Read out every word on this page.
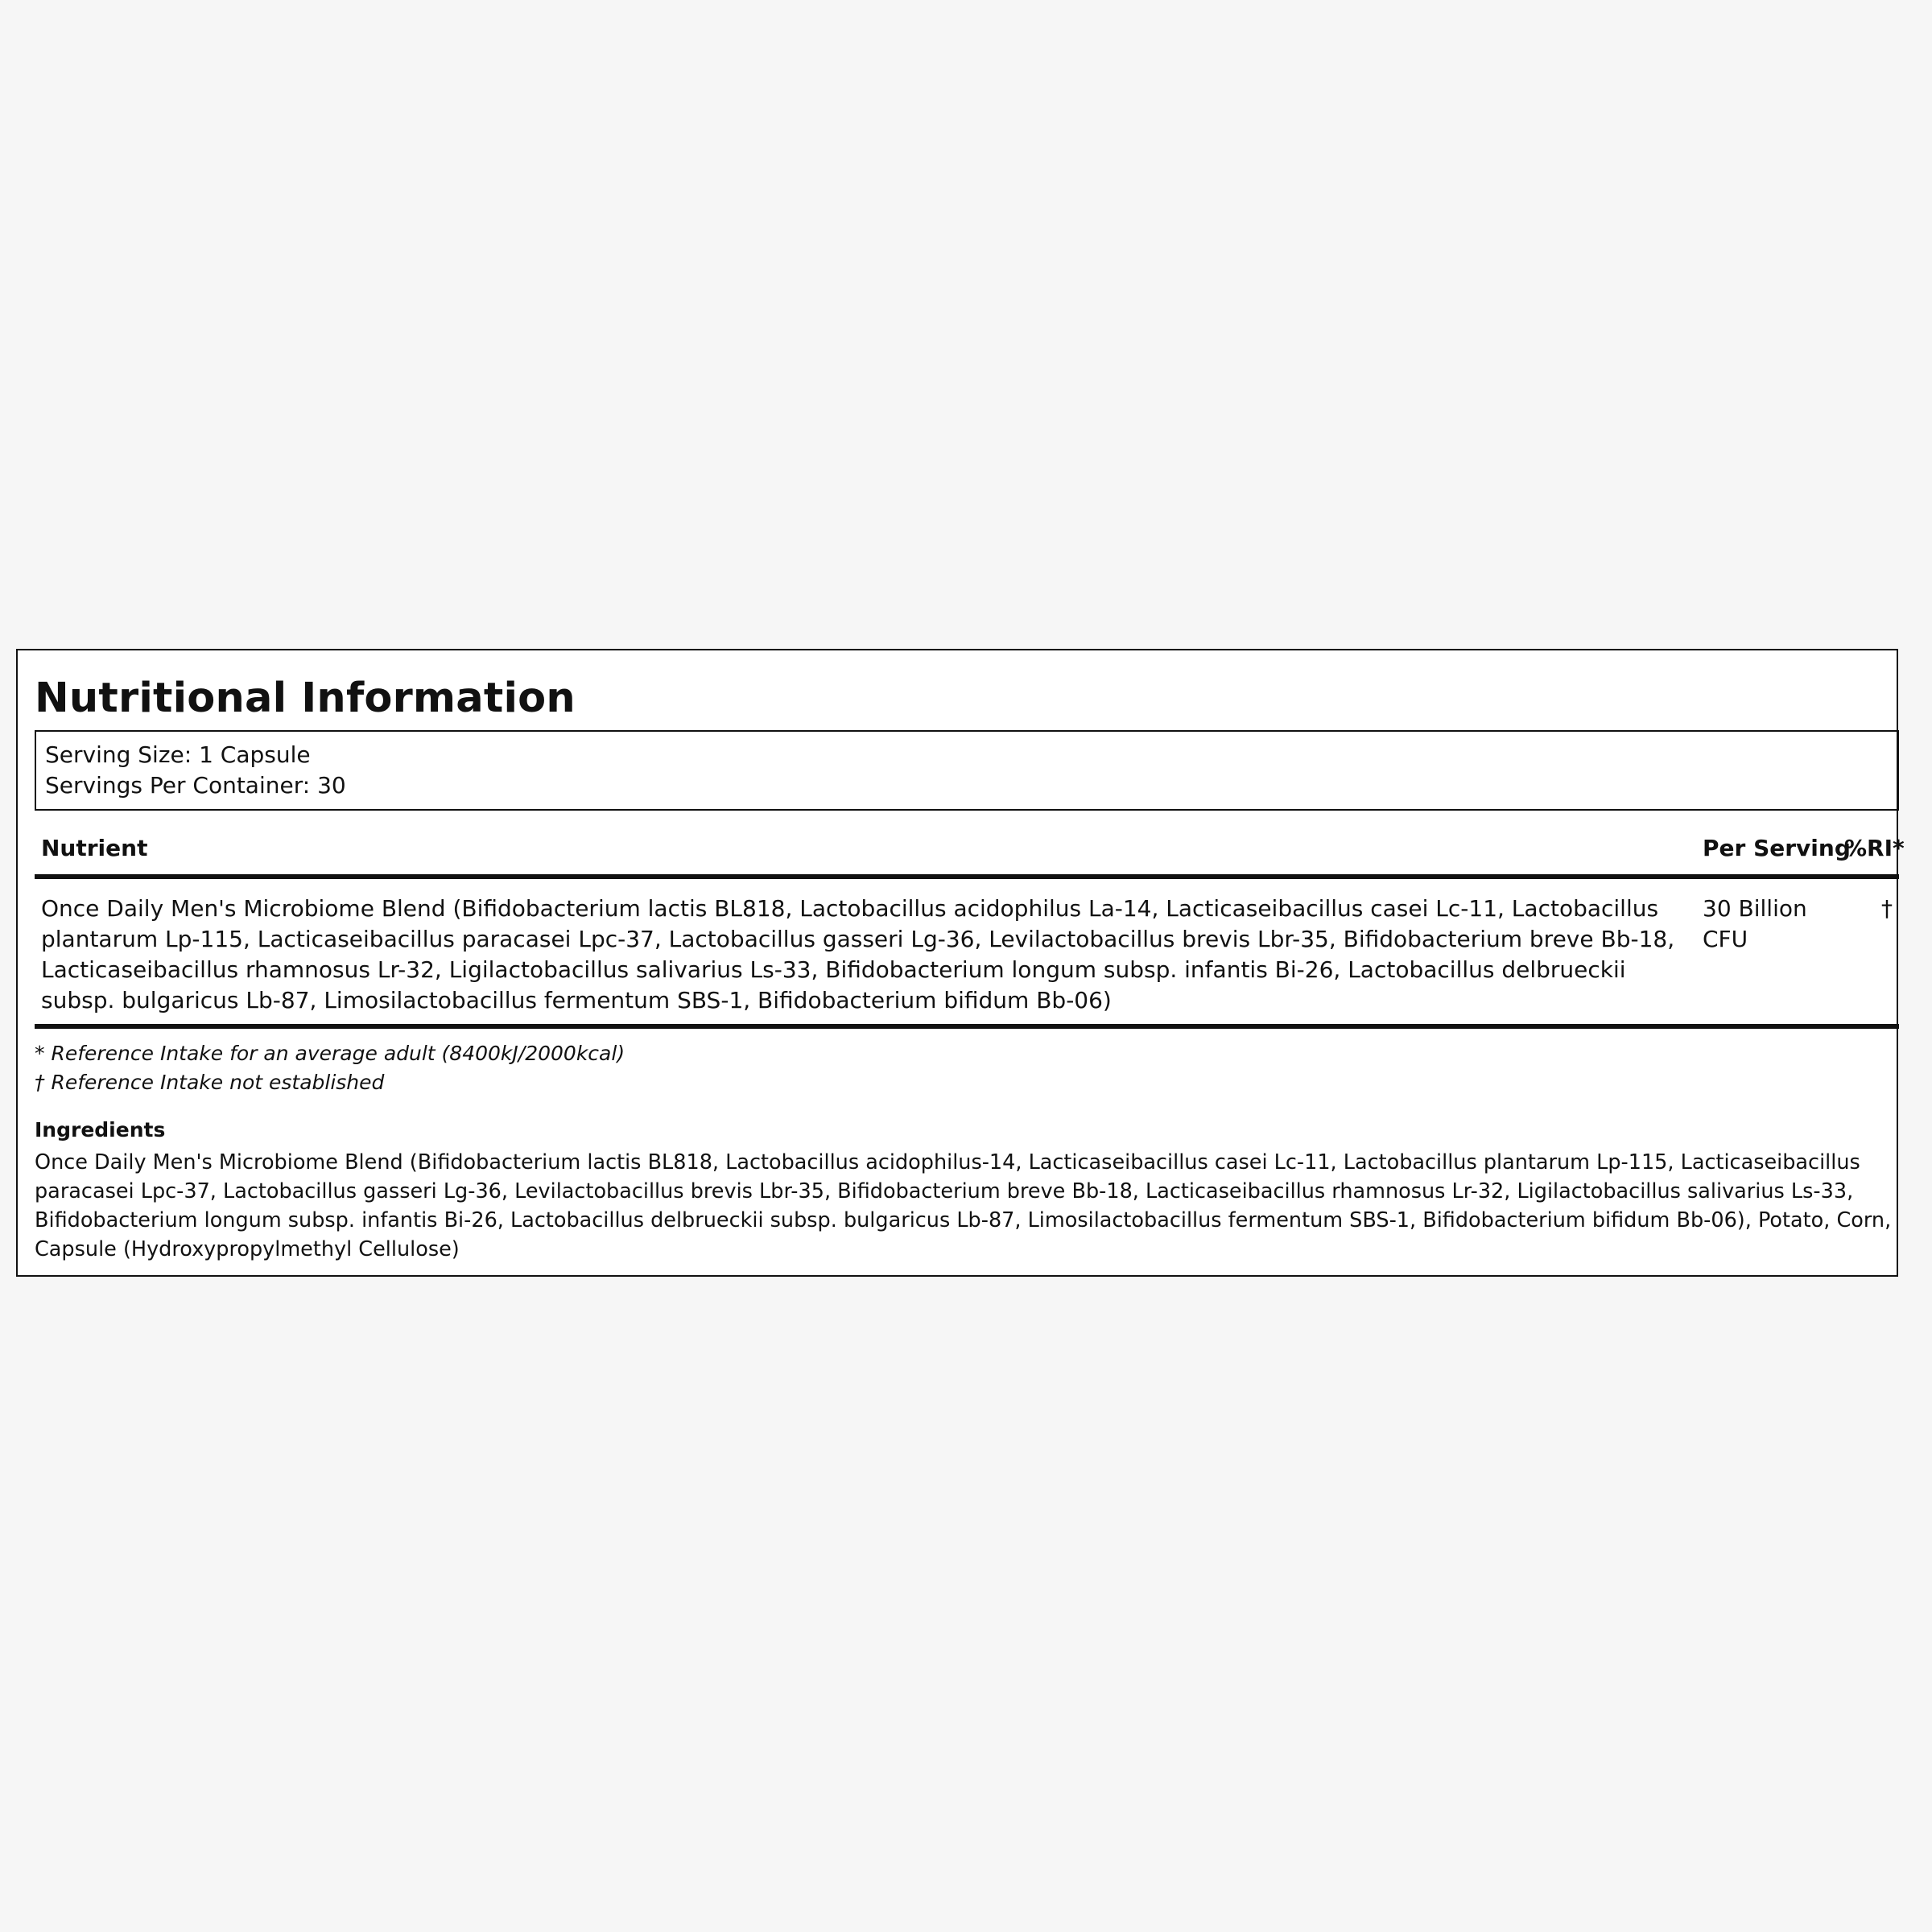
Nutritional Information
Serving Size: 1 Capsule
Servings Per Container: 30
Nutrient	Per Serving	%RI*
Once Daily Men's Microbiome Blend (Bifidobacterium lactis BL818, Lactobacillus acidophilus La-14, Lacticaseibacillus casei Lc-11, Lactobacillus plantarum Lp-115, Lacticaseibacillus paracasei Lpc-37, Lactobacillus gasseri Lg-36, Levilactobacillus brevis Lbr-35, Bifidobacterium breve Bb-18, Lacticaseibacillus rhamnosus Lr-32, Ligilactobacillus salivarius Ls-33, Bifidobacterium longum subsp. infantis Bi-26, Lactobacillus delbrueckii subsp. bulgaricus Lb-87, Limosilactobacillus fermentum SBS-1, Bifidobacterium bifidum Bb-06)	30 Billion CFU	†
* Reference Intake for an average adult (8400kJ/2000kcal)
† Reference Intake not established
Ingredients

Once Daily Men's Microbiome Blend (Bifidobacterium lactis BL818, Lactobacillus acidophilus-14, Lacticaseibacillus casei Lc-11, Lactobacillus plantarum Lp-115, Lacticaseibacillus paracasei Lpc-37, Lactobacillus gasseri Lg-36, Levilactobacillus brevis Lbr-35, Bifidobacterium breve Bb-18, Lacticaseibacillus rhamnosus Lr-32, Ligilactobacillus salivarius Ls-33, Bifidobacterium longum subsp. infantis Bi-26, Lactobacillus delbrueckii subsp. bulgaricus Lb-87, Limosilactobacillus fermentum SBS-1, Bifidobacterium bifidum Bb-06), Potato, Corn, Capsule (Hydroxypropylmethyl Cellulose)
